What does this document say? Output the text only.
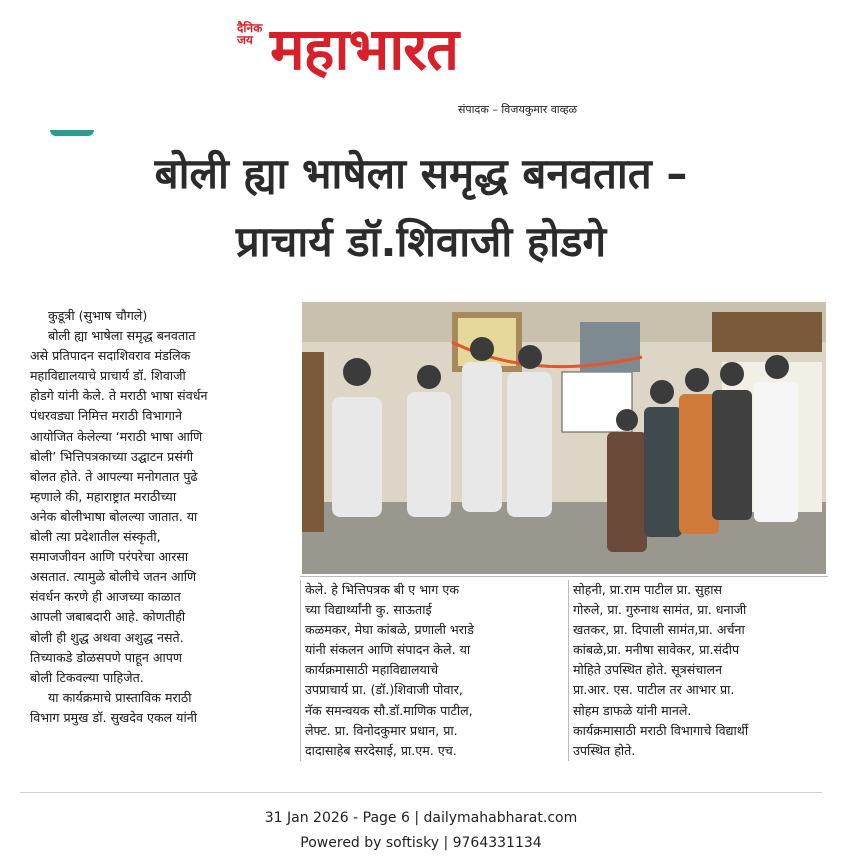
दैनिक
जय महाभारत
संपादक – विजयकुमार वाव्हळ
बोली ह्या भाषेला समृद्ध बनवतात –
प्राचार्य डॉ.शिवाजी होडगे
कुडूत्री (सुभाष चौगले)
बोली ह्या भाषेला समृद्ध बनवतात
असे प्रतिपादन सदाशिवराव मंडलिक
महाविद्यालयाचे प्राचार्य डॉ. शिवाजी
होडगे यांनी केले. ते मराठी भाषा संवर्धन
पंधरवड्या निमित्त मराठी विभागाने
आयोजित केलेल्या ‘मराठी भाषा आणि
बोली’ भित्तिपत्रकाच्या उद्घाटन प्रसंगी
बोलत होते. ते आपल्या मनोगतात पुढे
म्हणाले की, महाराष्ट्रात मराठीच्या
अनेक बोलीभाषा बोलल्या जातात. या
बोली त्या प्रदेशातील संस्कृती,
समाजजीवन आणि परंपरेचा आरसा
असतात. त्यामुळे बोलीचे जतन आणि
संवर्धन करणे ही आजच्या काळात
आपली जबाबदारी आहे. कोणतीही
बोली ही शुद्ध अथवा अशुद्ध नसते.
तिच्याकडे डोळसपणे पाहून आपण
बोली टिकवल्या पाहिजेत.
या कार्यक्रमाचे प्रास्ताविक मराठी
विभाग प्रमुख डॉ. सुखदेव एकल यांनी
केले. हे भित्तिपत्रक बी ए भाग एक
च्या विद्यार्थ्यांनी कु. साऊताई
कळमकर, मेघा कांबळे, प्रणाली भराडे
यांनी संकलन आणि संपादन केले. या
कार्यक्रमासाठी महाविद्यालयाचे
उपप्राचार्य प्रा. (डॉ.)शिवाजी पोवार,
नॅक समन्वयक सौ.डॉ.माणिक पाटील,
लेफ्ट. प्रा. विनोदकुमार प्रधान, प्रा.
दादासाहेब सरदेसाई, प्रा.एम. एच.
सोहनी, प्रा.राम पाटील प्रा. सुहास
गोरुले, प्रा. गुरुनाथ सामंत, प्रा. धनाजी
खतकर, प्रा. दिपाली सामंत,प्रा. अर्चना
कांबळे,प्रा. मनीषा सावेकर, प्रा.संदीप
मोहिते उपस्थित होते. सूत्रसंचालन
प्रा.आर. एस. पाटील तर आभार प्रा.
सोहम डाफळे यांनी मानले.
कार्यक्रमासाठी मराठी विभागाचे विद्यार्थी
उपस्थित होते.
31 Jan 2026 - Page 6 | dailymahabharat.com
Powered by softisky | 9764331134
